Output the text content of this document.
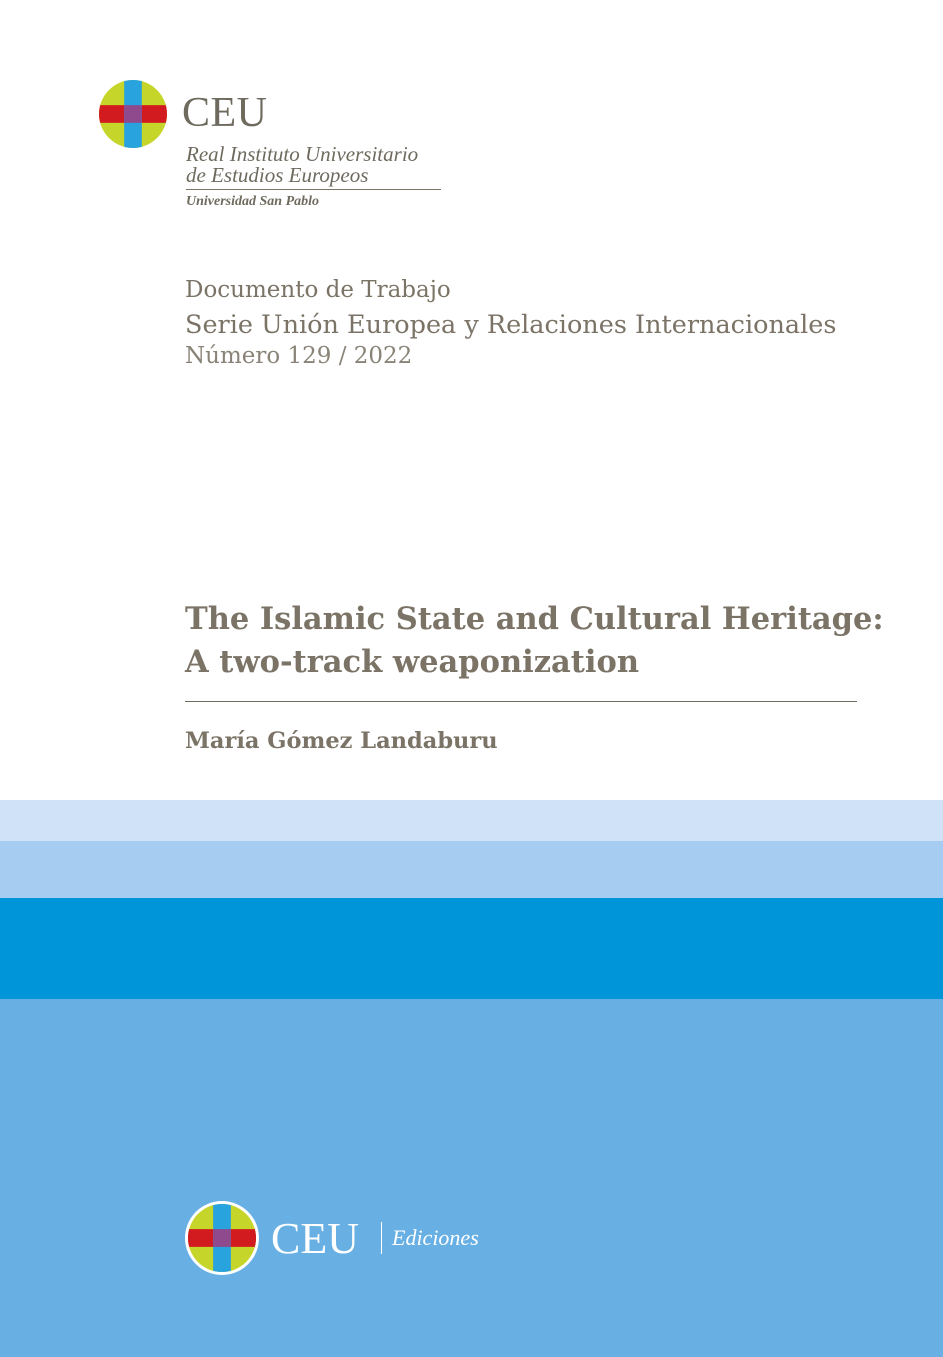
CEU
Real Instituto Universitario
de Estudios Europeos
Universidad San Pablo
Documento de Trabajo
Serie Unión Europea y Relaciones Internacionales
Número 129 / 2022
The Islamic State and Cultural Heritage:
A two-track weaponization
María Gómez Landaburu
CEU Ediciones
